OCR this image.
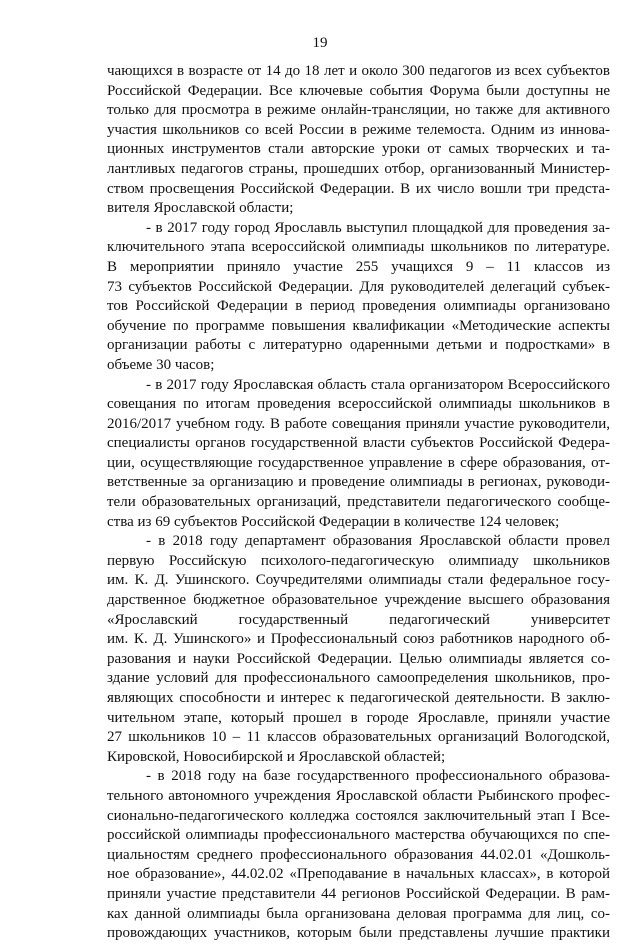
19
чающихся в возрасте от 14 до 18 лет и около 300 педагогов из всех субъектов
Российской Федерации. Все ключевые события Форума были доступны не
только для просмотра в режиме онлайн-трансляции, но также для активного
участия школьников со всей России в режиме телемоста. Одним из иннова-
ционных инструментов стали авторские уроки от самых творческих и та-
лантливых педагогов страны, прошедших отбор, организованный Министер-
ством просвещения Российской Федерации. В их число вошли три предста-
вителя Ярославской области;
- в 2017 году город Ярославль выступил площадкой для проведения за-
ключительного этапа всероссийской олимпиады школьников по литературе.
В мероприятии приняло участие 255 учащихся 9 – 11 классов из
73 субъектов Российской Федерации. Для руководителей делегаций субъек-
тов Российской Федерации в период проведения олимпиады организовано
обучение по программе повышения квалификации «Методические аспекты
организации работы с литературно одаренными детьми и подростками» в
объеме 30 часов;
- в 2017 году Ярославская область стала организатором Всероссийского
совещания по итогам проведения всероссийской олимпиады школьников в
2016/2017 учебном году. В работе совещания приняли участие руководители,
специалисты органов государственной власти субъектов Российской Федера-
ции, осуществляющие государственное управление в сфере образования, от-
ветственные за организацию и проведение олимпиады в регионах, руководи-
тели образовательных организаций, представители педагогического сообще-
ства из 69 субъектов Российской Федерации в количестве 124 человек;
- в 2018 году департамент образования Ярославской области провел
первую Российскую психолого-педагогическую олимпиаду школьников
им. К. Д. Ушинского. Соучредителями олимпиады стали федеральное госу-
дарственное бюджетное образовательное учреждение высшего образования
«Ярославский государственный педагогический университет
им. К. Д. Ушинского» и Профессиональный союз работников народного об-
разования и науки Российской Федерации. Целью олимпиады является со-
здание условий для профессионального самоопределения школьников, про-
являющих способности и интерес к педагогической деятельности. В заклю-
чительном этапе, который прошел в городе Ярославле, приняли участие
27 школьников 10 – 11 классов образовательных организаций Вологодской,
Кировской, Новосибирской и Ярославской областей;
- в 2018 году на базе государственного профессионального образова-
тельного автономного учреждения Ярославской области Рыбинского профес-
сионально-педагогического колледжа состоялся заключительный этап I Все-
российской олимпиады профессионального мастерства обучающихся по спе-
циальностям среднего профессионального образования 44.02.01 «Дошколь-
ное образование», 44.02.02 «Преподавание в начальных классах», в которой
приняли участие представители 44 регионов Российской Федерации. В рам-
ках данной олимпиады была организована деловая программа для лиц, со-
провождающих участников, которым были представлены лучшие практики
